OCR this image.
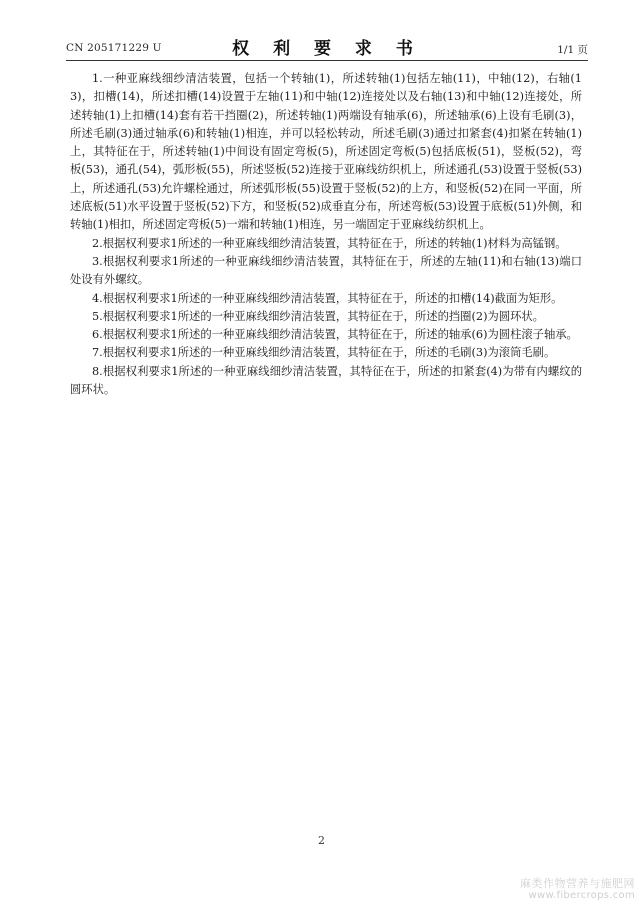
CN 205171229 U	权 利 要 求 书	1/1 页

1.一种亚麻线细纱清洁装置，包括一个转轴(1)，所述转轴(1)包括左轴(11)，中轴(12)，右轴(13)，扣槽(14)，所述扣槽(14)设置于左轴(11)和中轴(12)连接处以及右轴(13)和中轴(12)连接处，所述转轴(1)上扣槽(14)套有若干挡圈(2)，所述转轴(1)两端设有轴承(6)，所述轴承(6)上设有毛刷(3)，所述毛刷(3)通过轴承(6)和转轴(1)相连，并可以轻松转动，所述毛刷(3)通过扣紧套(4)扣紧在转轴(1)上，其特征在于，所述转轴(1)中间设有固定弯板(5)，所述固定弯板(5)包括底板(51)，竖板(52)，弯板(53)，通孔(54)，弧形板(55)，所述竖板(52)连接于亚麻线纺织机上，所述通孔(53)设置于竖板(53)上，所述通孔(53)允许螺栓通过，所述弧形板(55)设置于竖板(52)的上方，和竖板(52)在同一平面，所述底板(51)水平设置于竖板(52)下方，和竖板(52)成垂直分布，所述弯板(53)设置于底板(51)外侧，和转轴(1)相扣，所述固定弯板(5)一端和转轴(1)相连，另一端固定于亚麻线纺织机上。

2.根据权利要求1所述的一种亚麻线细纱清洁装置，其特征在于，所述的转轴(1)材料为高锰钢。

3.根据权利要求1所述的一种亚麻线细纱清洁装置，其特征在于，所述的左轴(11)和右轴(13)端口处设有外螺纹。

4.根据权利要求1所述的一种亚麻线细纱清洁装置，其特征在于，所述的扣槽(14)截面为矩形。

5.根据权利要求1所述的一种亚麻线细纱清洁装置，其特征在于，所述的挡圈(2)为圆环状。

6.根据权利要求1所述的一种亚麻线细纱清洁装置，其特征在于，所述的轴承(6)为圆柱滚子轴承。

7.根据权利要求1所述的一种亚麻线细纱清洁装置，其特征在于，所述的毛刷(3)为滚筒毛刷。

8.根据权利要求1所述的一种亚麻线细纱清洁装置，其特征在于，所述的扣紧套(4)为带有内螺纹的圆环状。

2
麻类作物营养与施肥网
www.fibercrops.com
